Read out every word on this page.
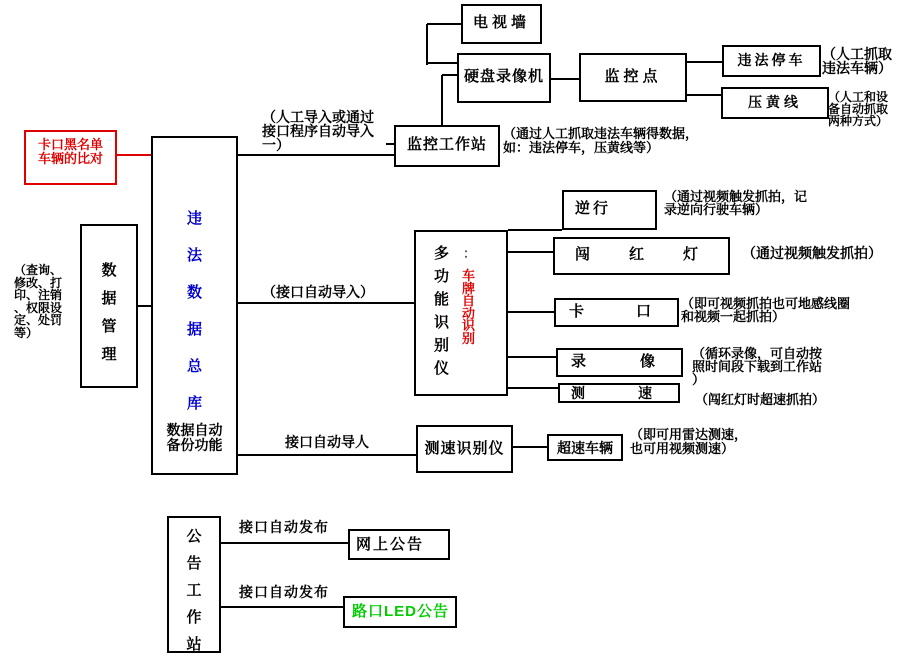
电视墙
硬盘录像机	监控点
违法停车
压黄线
监控工作站
卡口黑名单
车辆的比对
违
法
数
据
总
库
数据自动
备份功能
数
据
管
理
多
功
能
识
别
仪
：
车
牌
自
动
识
别
逆行
闯	红	灯
卡	口
录	像
测	速
测速识别仪	超速车辆
公
告
工
作
站
网上公告
路口LED公告
（人工导入或通过
接口程序自动导入
一）
（通过人工抓取违法车辆得数据，
如：违法停车，压黄线等）
（人工抓取
违法车辆）
（人工和设
备自动抓取
两种方式）
（查询、
修改、打
印、注销
、权限设
定、处罚
等）
（接口自动导入）
接口自动导人
（通过视频触发抓拍，记
录逆向行驶车辆）
（通过视频触发抓拍）
（即可视频抓拍也可地感线圈
和视频一起抓拍）
（循环录像，可自动按
照时间段下载到工作站
）
（闯红灯时超速抓拍）
（即可用雷达测速，
也可用视频测速）
接口自动发布
接口自动发布
